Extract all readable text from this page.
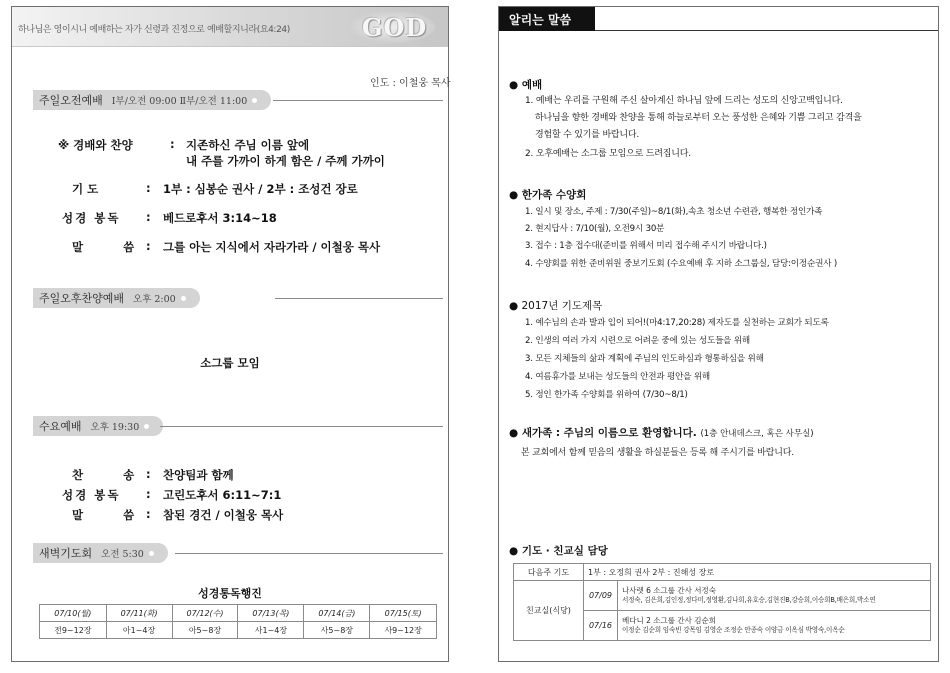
하나님은 영이시니 예배하는 자가 신령과 진정으로 예배할지니라(요4:24)	GOD
인도 : 이철웅 목사
주일오전예배 Ⅰ부/오전 09:00 Ⅱ부/오전 11:00
※ 경배와 찬양	: 지존하신 주님 이름 앞에
내 주를 가까이 하게 함은 / 주께 가까이
기 도	: 1부 : 심봉순 권사 / 2부 : 조성건 장로
성경 봉독 : 베드로후서 3:14~18
말 씀 : 그를 아는 지식에서 자라가라 / 이철웅 목사
주일오후찬양예배 오후 2:00
소그룹 모임
수요예배 오후 19:30
찬 송 : 찬양팀과 함께
성경 봉독 : 고린도후서 6:11~7:1
말 씀 : 참된 경건 / 이철웅 목사
새벽기도회 오전 5:30
성경통독행진
07/10(월)	07/11(화)	07/12(수)	07/13(목)	07/14(금)	07/15(토)
전9~12장	아1~4장	아5~8장	사1~4장	사5~8장	사9~12장
알리는 말씀
● 예배
1. 예배는 우리를 구원해 주신 살아계신 하나님 앞에 드리는 성도의 신앙고백입니다.
하나님을 향한 경배와 찬양을 통해 하늘로부터 오는 풍성한 은혜와 기쁨 그리고 감격을
경험할 수 있기를 바랍니다.
2. 오후예배는 소그룹 모임으로 드려집니다.
● 한가족 수양회
1. 일시 및 장소, 주제 : 7/30(주일)~8/1(화),속초 청소년 수련관, 행복한 정인가족
2. 현지답사 : 7/10(월), 오전9시 30분
3. 접수 : 1층 접수대(준비를 위해서 미리 접수해 주시기 바랍니다.)
4. 수양회를 위한 준비위원 중보기도회 (수요예배 후 지하 소그룹실, 담당:이정순권사 )
● 2017년 기도제목
1. 예수님의 손과 발과 입이 되어!(마4:17,20:28) 제자도를 실천하는 교회가 되도록
2. 인생의 여러 가지 시련으로 어려운 중에 있는 성도들을 위해
3. 모든 지체들의 삶과 계획에 주님의 인도하심과 형통하심을 위해
4. 여름휴가를 보내는 성도들의 안전과 평안을 위해
5. 정인 한가족 수양회를 위하여 (7/30~8/1)
● 새가족 : 주님의 이름으로 환영합니다. (1층 안내데스크, 혹은 사무실)
본 교회에서 함께 믿음의 생활을 하실분들은 등록 해 주시기를 바랍니다.
● 기도 · 친교실 담당
다음주 기도	1부 : 오정희 권사 2부 : 진해성 장로	
친교실(식당)	07/09	나사렛 6 소그룹 간사 서정숙
서정숙, 김은희,김인정,정다미,정영환,김나희,유호승,김현진B,강승희,이승희B,배은희,박소연

	07/16	베다니 2 소그룹 간사 김순희
이정순 김순희 임숙빈 강목임 김영순 조정순 안종숙 이양금 이옥심 박영숙,이옥순
